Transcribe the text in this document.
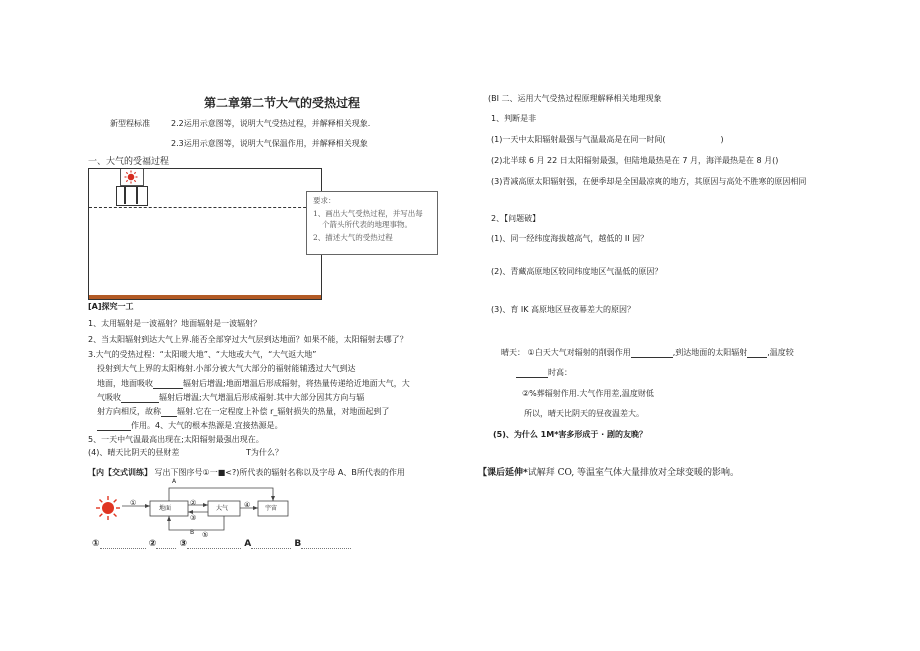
第二章第二节大气的受热过程
新型程标准	2.2运用示意图等，说明大气受热过程，并解释相关现象.
2.3运用示意图等，说明大气保温作用，并解释相关现象
一、大气的受福过程
要求：
1、画出大气受热过程，并写出每
个箭头所代表的地理事物。
2、描述大气的受热过程
[A]探究一工
1、太用辐射是一波福射？地面辐射是一波辐射？
2、当太阳辐射到达大气上界.能否全部穿过大气层到达地面？如果不能，太阳辐射去哪了？
3.大气的受热过程：“太阳暖大地”、“大地或大气，“大气返大地”
投射到大气上界的太阳梅射.小部分被大气大部分的福射能辅透过大气到达
地面，地面吸收	辐射后增温;地面增温后形成辐射，将热量传递给近地面大气，大
气吸收	辐射后增温;大气增温后形成福射.其中大部分因其方向与辐
射方向相反，故称 辐射.它在一定程度上补偿 r_辐射损失的热量，对地面起到了
作用。4、大气的根本热源是.宜接热源是。
5、一天中气温最高出现在;太阳辐射最强出现在。
(4)、晴天比阴天的昼财差	T为什么？
【内【交式训练】 写出下图序号①一■<?)所代表的辐射名称以及字母 A、B所代表的作用
地面	大气	宇宙
A
B
①	②
③
④
⑤
①	②	③	A	B
(BI 二、运用大气受热过程原理解释相关地理现象
1、判断是非
(1)一天中太阳辐射最强与气温最高是在同一时间(	)
(2)北半球 6 月 22 日太阳辐射最强，但陆地最热是在 7 月，海洋最热是在 8 月()
(3)青减高原太阳辐射强，在便季却是全国最凉爽的地方，其原因与高处不胜寒的原因相同
2、【问题破】
(1)、同一经纬度海拔越高气，越低的 II 因？
(2)、青藏高原地区较同纬度地区气温低的原因？
(3)、育 IK 高原地区昼夜幕差大的原因？
晴天： ①白天大气对辐射的削弱作用	,到达地面的太阳辐射	,温度较
时高：
②%葬辐射作用.大气作用差,温度财低
所以，晴天比阴天的昼夜温差大。
(5)、为什么 1M*害多形成于 · 剧的友晚？
【课后延伸*试解拜 CO, 等温室气体大量排放对全球变暖的影响。
